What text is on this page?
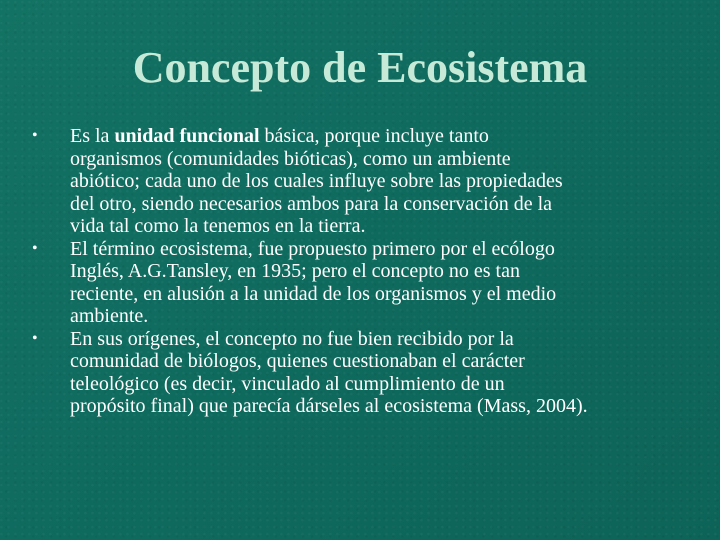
Concepto de Ecosistema
•	Es la unidad funcional básica, porque incluye tanto
organismos (comunidades bióticas), como un ambiente
abiótico; cada uno de los cuales influye sobre las propiedades
del otro, siendo necesarios ambos para la conservación de la
vida tal como la tenemos en la tierra.
•	El término ecosistema, fue propuesto primero por el ecólogo
Inglés, A.G.Tansley, en 1935; pero el concepto no es tan
reciente, en alusión a la unidad de los organismos y el medio
ambiente.
•	En sus orígenes, el concepto no fue bien recibido por la
comunidad de biólogos, quienes cuestionaban el carácter
teleológico (es decir, vinculado al cumplimiento de un
propósito final) que parecía dárseles al ecosistema (Mass, 2004).
